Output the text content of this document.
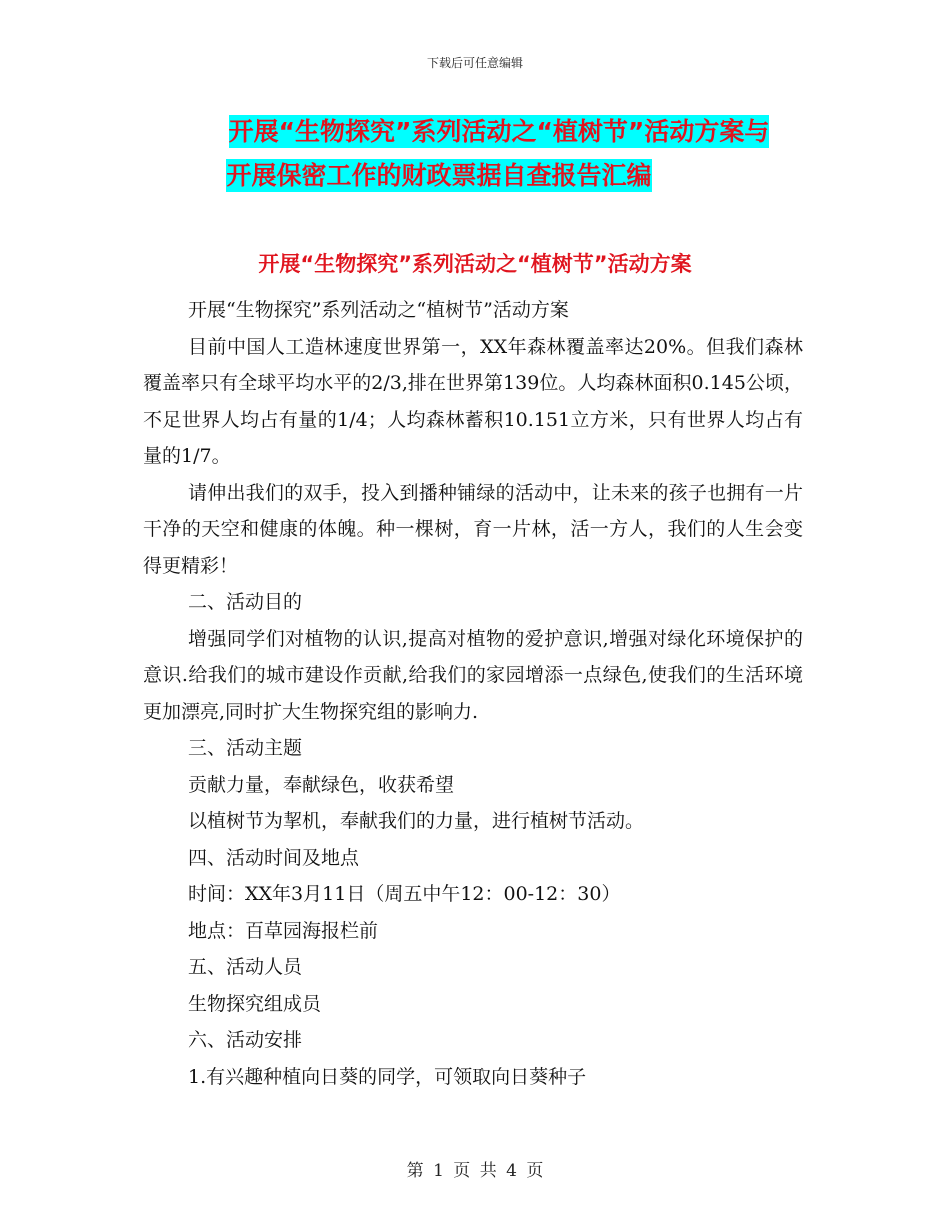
下载后可任意编辑
开展“生物探究”系列活动之“植树节”活动方案与
开展保密工作的财政票据自查报告汇编
开展“生物探究”系列活动之“植树节”活动方案

开展“生物探究”系列活动之“植树节”活动方案

目前中国人工造林速度世界第一，XX年森林覆盖率达20%。但我们森林覆盖率只有全球平均水平的2/3,排在世界第139位。人均森林面积0.145公顷，不足世界人均占有量的1/4；人均森林蓄积10.151立方米，只有世界人均占有量的1/7。

请伸出我们的双手，投入到播种铺绿的活动中，让未来的孩子也拥有一片干净的天空和健康的体魄。种一棵树，育一片林，活一方人，我们的人生会变得更精彩！

二、活动目的

增强同学们对植物的认识,提高对植物的爱护意识,增强对绿化环境保护的意识.给我们的城市建设作贡献,给我们的家园增添一点绿色,使我们的生活环境更加漂亮,同时扩大生物探究组的影响力.

三、活动主题

贡献力量，奉献绿色，收获希望

以植树节为挈机，奉献我们的力量，进行植树节活动。

四、活动时间及地点

时间：XX年3月11日（周五中午12：00-12：30）

地点：百草园海报栏前

五、活动人员

生物探究组成员

六、活动安排

1.有兴趣种植向日葵的同学，可领取向日葵种子

第 1 页 共 4 页
